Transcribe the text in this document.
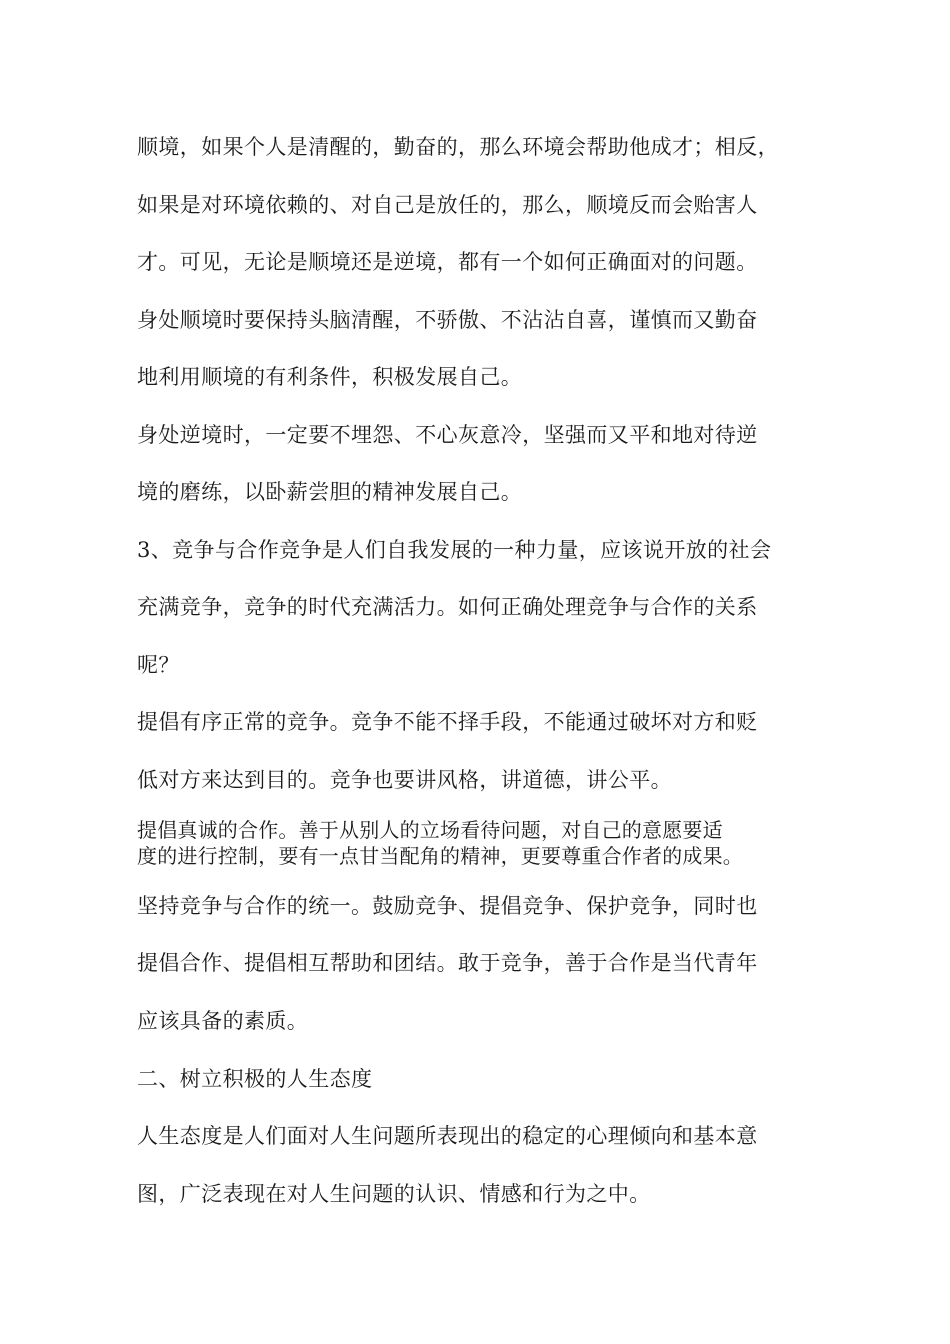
顺境，如果个人是清醒的，勤奋的，那么环境会帮助他成才；相反，
如果是对环境依赖的、对自己是放任的，那么，顺境反而会贻害人
才。可见，无论是顺境还是逆境，都有一个如何正确面对的问题。
身处顺境时要保持头脑清醒，不骄傲、不沾沾自喜，谨慎而又勤奋
地利用顺境的有利条件，积极发展自己。
身处逆境时，一定要不埋怨、不心灰意冷，坚强而又平和地对待逆
境的磨练，以卧薪尝胆的精神发展自己。
3、竞争与合作竞争是人们自我发展的一种力量，应该说开放的社会
充满竞争，竞争的时代充满活力。如何正确处理竞争与合作的关系
呢？
提倡有序正常的竞争。竞争不能不择手段，不能通过破坏对方和贬
低对方来达到目的。竞争也要讲风格，讲道德，讲公平。
提倡真诚的合作。善于从别人的立场看待问题，对自己的意愿要适
度的进行控制，要有一点甘当配角的精神，更要尊重合作者的成果。
坚持竞争与合作的统一。鼓励竞争、提倡竞争、保护竞争，同时也
提倡合作、提倡相互帮助和团结。敢于竞争，善于合作是当代青年
应该具备的素质。
二、树立积极的人生态度
人生态度是人们面对人生问题所表现出的稳定的心理倾向和基本意
图，广泛表现在对人生问题的认识、情感和行为之中。
